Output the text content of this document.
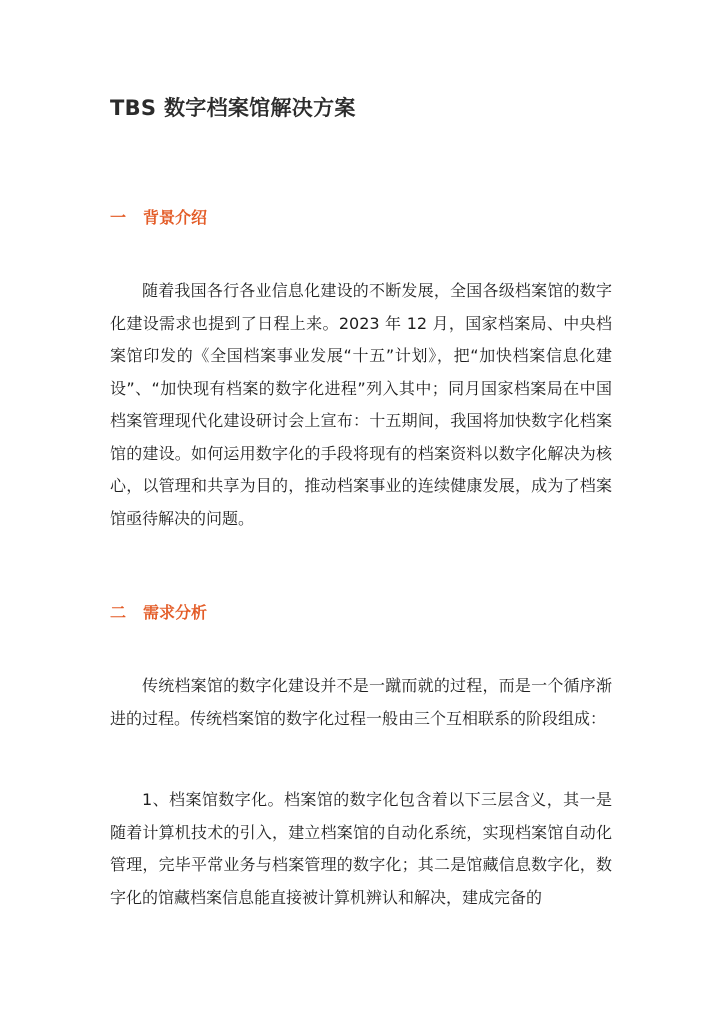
TBS 数字档案馆解决方案
一 背景介绍

随着我国各行各业信息化建设的不断发展，全国各级档案馆的数字化建设需求也提到了日程上来。2023 年 12 月，国家档案局、中央档案馆印发的《全国档案事业发展“十五”计划》，把“加快档案信息化建设”、“加快现有档案的数字化进程”列入其中；同月国家档案局在中国档案管理现代化建设研讨会上宣布：十五期间，我国将加快数字化档案馆的建设。如何运用数字化的手段将现有的档案资料以数字化解决为核心，以管理和共享为目的，推动档案事业的连续健康发展，成为了档案馆亟待解决的问题。

二 需求分析

传统档案馆的数字化建设并不是一蹴而就的过程，而是一个循序渐进的过程。传统档案馆的数字化过程一般由三个互相联系的阶段组成：

1、档案馆数字化。档案馆的数字化包含着以下三层含义，其一是随着计算机技术的引入，建立档案馆的自动化系统，实现档案馆自动化管理，完毕平常业务与档案管理的数字化；其二是馆藏信息数字化，数字化的馆藏档案信息能直接被计算机辨认和解决，建成完备的
